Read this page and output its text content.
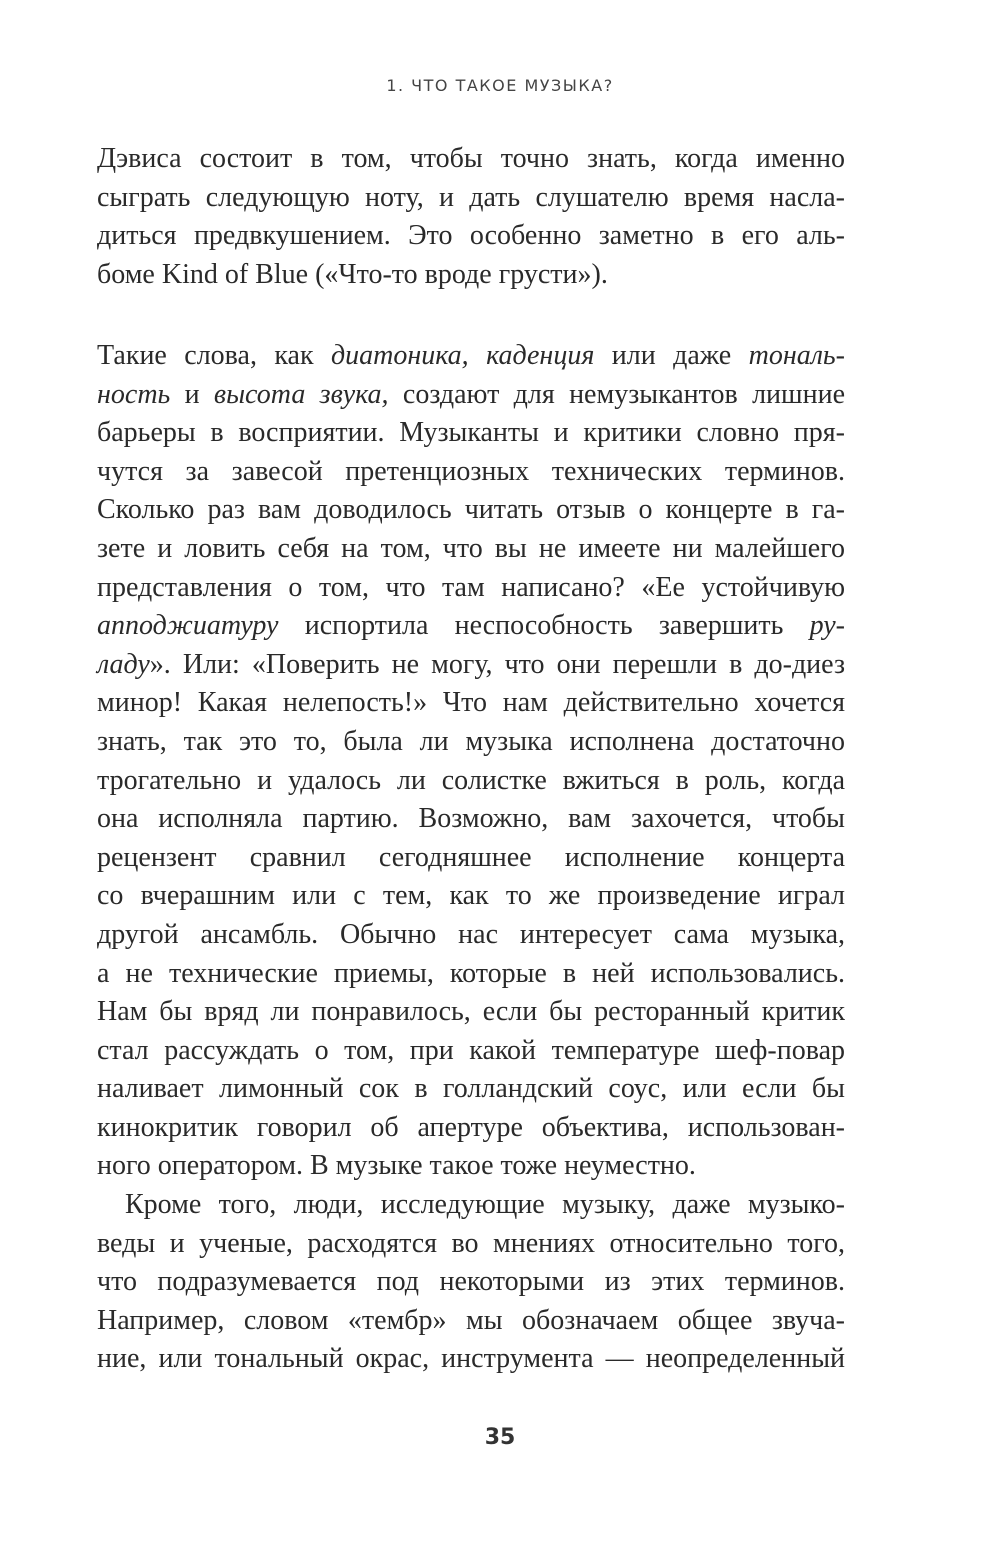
1. ЧТО ТАКОЕ МУЗЫКА?
Дэвиса состоит в том, чтобы точно знать, когда именно
сыграть следующую ноту, и дать слушателю время насла-
диться предвкушением. Это особенно заметно в его аль-
боме Kind of Blue («Что-то вроде грусти»).
Такие слова, как диатоника, каденция или даже тональ-
ность и высота звука, создают для немузыкантов лишние
барьеры в восприятии. Музыканты и критики словно пря-
чутся за завесой претенциозных технических терминов.
Сколько раз вам доводилось читать отзыв о концерте в га-
зете и ловить себя на том, что вы не имеете ни малейшего
представления о том, что там написано? «Ее устойчивую
апподжиатуру испортила неспособность завершить ру-
ладу». Или: «Поверить не могу, что они перешли в до-диез
минор! Какая нелепость!» Что нам действительно хочется
знать, так это то, была ли музыка исполнена достаточно
трогательно и удалось ли солистке вжиться в роль, когда
она исполняла партию. Возможно, вам захочется, чтобы
рецензент сравнил сегодняшнее исполнение концерта
со вчерашним или с тем, как то же произведение играл
другой ансамбль. Обычно нас интересует сама музыка,
а не технические приемы, которые в ней использовались.
Нам бы вряд ли понравилось, если бы ресторанный критик
стал рассуждать о том, при какой температуре шеф-повар
наливает лимонный сок в голландский соус, или если бы
кинокритик говорил об апертуре объектива, использован-
ного оператором. В музыке такое тоже неуместно.
Кроме того, люди, исследующие музыку, даже музыко-
веды и ученые, расходятся во мнениях относительно того,
что подразумевается под некоторыми из этих терминов.
Например, словом «тембр» мы обозначаем общее звуча-
ние, или тональный окрас, инструмента — неопределенный
35
